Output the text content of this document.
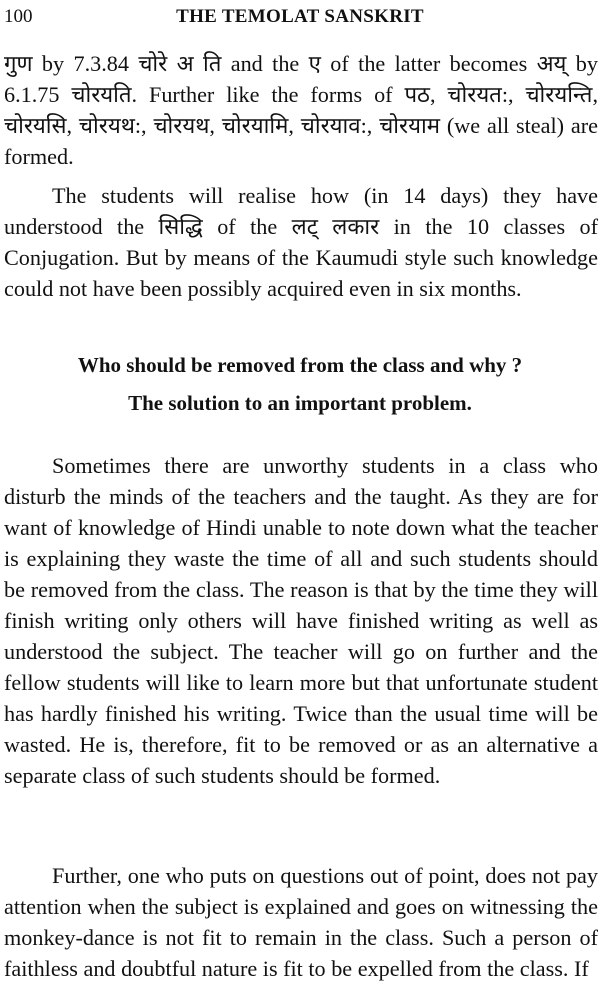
100	THE TEMOLAT SANSKRIT

गुण by 7.3.84 चोरे अ ति and the ए of the latter becomes अय् by 6.1.75 चोरयति. Further like the forms of पठ, चोरयत:, चोरयन्ति, चोरयसि, चोरयथ:, चोरयथ, चोरयामि, चोरयाव:, चोरयाम (we all steal) are formed.

The students will realise how (in 14 days) they have understood the सिद्धि of the लट् लकार in the 10 classes of Conjugation. But by means of the Kaumudi style such knowledge could not have been possibly acquired even in six months.

Who should be removed from the class and why ?

The solution to an important problem.

Sometimes there are unworthy students in a class who disturb the minds of the teachers and the taught. As they are for want of knowledge of Hindi unable to note down what the teacher is explaining they waste the time of all and such students should be removed from the class. The reason is that by the time they will finish writing only others will have finished writing as well as understood the subject. The teacher will go on further and the fellow students will like to learn more but that unfortunate student has hardly finished his writing. Twice than the usual time will be wasted. He is, therefore, fit to be removed or as an alternative a separate class of such students should be formed.

Further, one who puts on questions out of point, does not pay attention when the subject is explained and goes on witnessing the monkey-dance is not fit to remain in the class. Such a person of faithless and doubtful nature is fit to be expelled from the class. If
